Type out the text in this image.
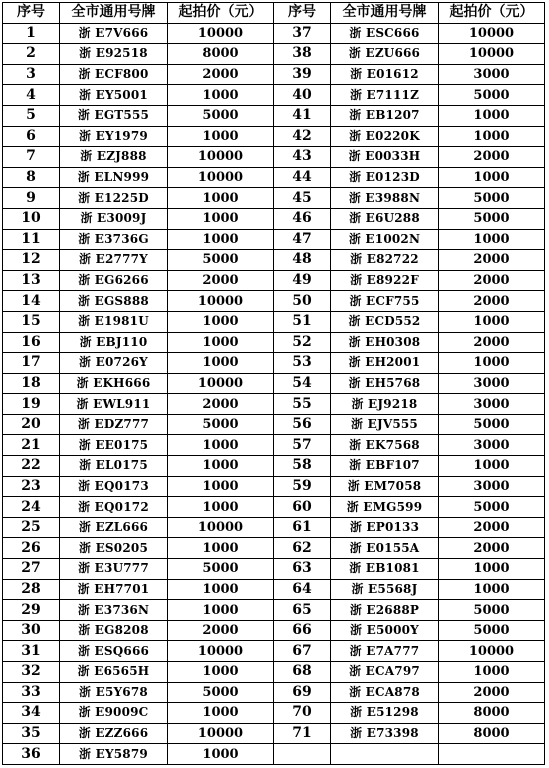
序号	全市通用号牌	起拍价（元）	序号	全市通用号牌	起拍价（元）
1	浙 E7V666	10000	37	浙 ESC666	10000
2	浙 E92518	8000	38	浙 EZU666	10000
3	浙 ECF800	2000	39	浙 E01612	3000
4	浙 EY5001	1000	40	浙 E7111Z	5000
5	浙 EGT555	5000	41	浙 EB1207	1000
6	浙 EY1979	1000	42	浙 E0220K	1000
7	浙 EZJ888	10000	43	浙 E0033H	2000
8	浙 ELN999	10000	44	浙 E0123D	1000
9	浙 E1225D	1000	45	浙 E3988N	5000
10	浙 E3009J	1000	46	浙 E6U288	5000
11	浙 E3736G	1000	47	浙 E1002N	1000
12	浙 E2777Y	5000	48	浙 E82722	2000
13	浙 EG6266	2000	49	浙 E8922F	2000
14	浙 EGS888	10000	50	浙 ECF755	2000
15	浙 E1981U	1000	51	浙 ECD552	1000
16	浙 EBJ110	1000	52	浙 EH0308	2000
17	浙 E0726Y	1000	53	浙 EH2001	1000
18	浙 EKH666	10000	54	浙 EH5768	3000
19	浙 EWL911	2000	55	浙 EJ9218	3000
20	浙 EDZ777	5000	56	浙 EJV555	5000
21	浙 EE0175	1000	57	浙 EK7568	3000
22	浙 EL0175	1000	58	浙 EBF107	1000
23	浙 EQ0173	1000	59	浙 EM7058	3000
24	浙 EQ0172	1000	60	浙 EMG599	5000
25	浙 EZL666	10000	61	浙 EP0133	2000
26	浙 ES0205	1000	62	浙 E0155A	2000
27	浙 E3U777	5000	63	浙 EB1081	1000
28	浙 EH7701	1000	64	浙 E5568J	1000
29	浙 E3736N	1000	65	浙 E2688P	5000
30	浙 EG8208	2000	66	浙 E5000Y	5000
31	浙 ESQ666	10000	67	浙 E7A777	10000
32	浙 E6565H	1000	68	浙 ECA797	1000
33	浙 E5Y678	5000	69	浙 ECA878	2000
34	浙 E9009C	1000	70	浙 E51298	8000
35	浙 EZZ666	10000	71	浙 E73398	8000
36	浙 EY5879	1000			
